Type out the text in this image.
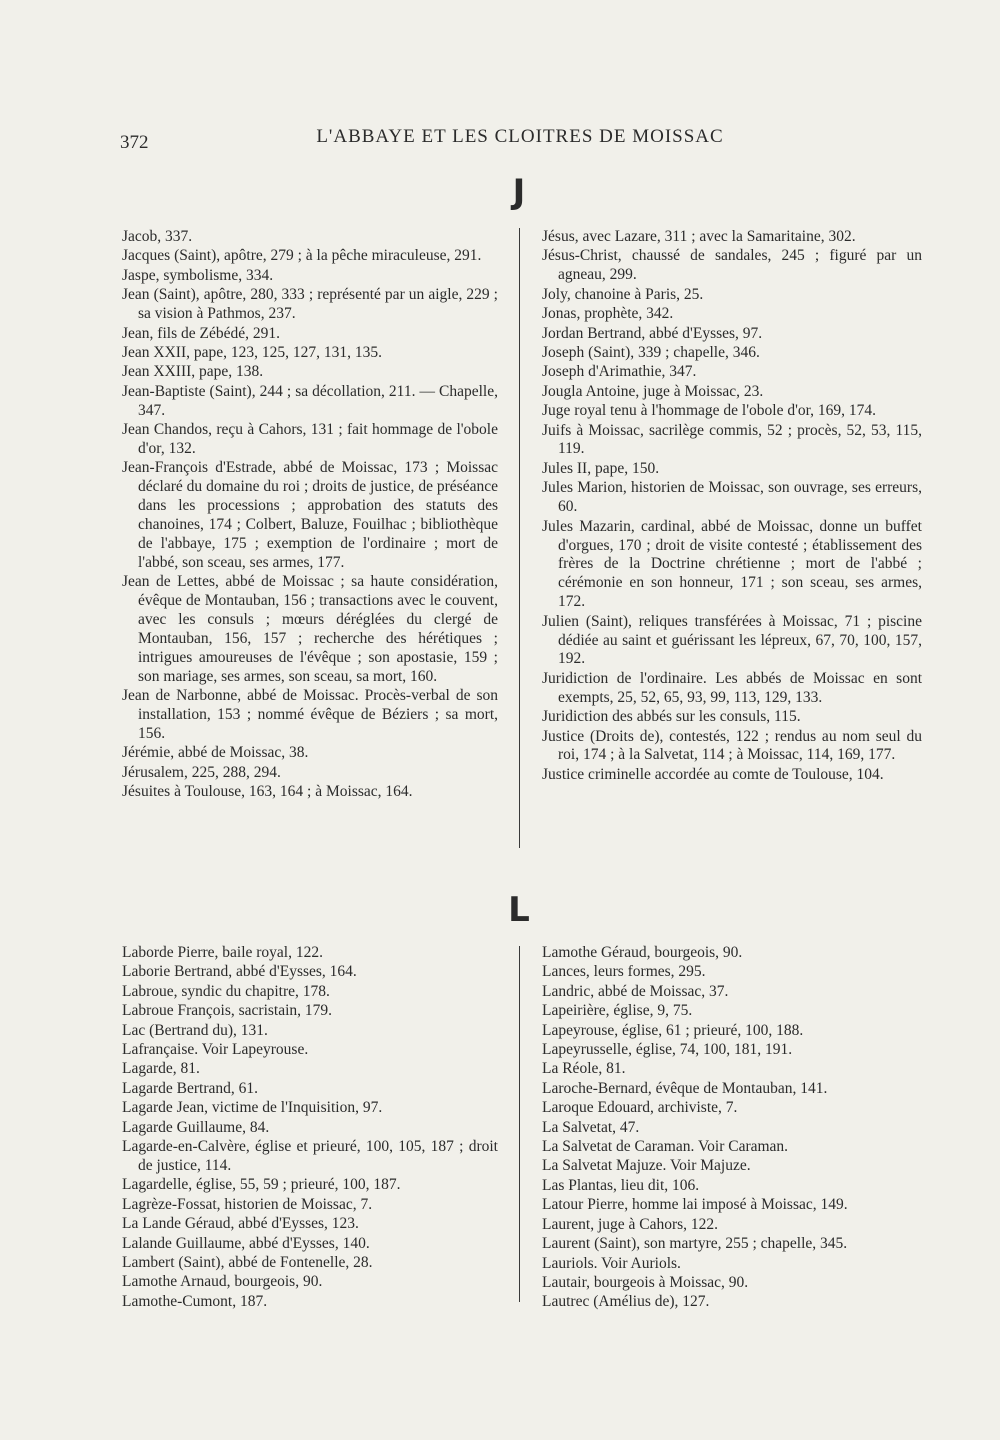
372	L'ABBAYE ET LES CLOITRES DE MOISSAC
J

Jacob, 337.

Jacques (Saint), apôtre, 279 ; à la pêche miraculeuse, 291.

Jaspe, symbolisme, 334.

Jean (Saint), apôtre, 280, 333 ; représenté par un aigle, 229 ; sa vision à Pathmos, 237.

Jean, fils de Zébédé, 291.

Jean XXII, pape, 123, 125, 127, 131, 135.

Jean XXIII, pape, 138.

Jean-Baptiste (Saint), 244 ; sa décollation, 211. — Chapelle, 347.

Jean Chandos, reçu à Cahors, 131 ; fait hommage de l'obole d'or, 132.

Jean-François d'Estrade, abbé de Moissac, 173 ; Moissac déclaré du domaine du roi ; droits de justice, de préséance dans les processions ; approbation des statuts des chanoines, 174 ; Colbert, Baluze, Fouilhac ; bibliothèque de l'abbaye, 175 ; exemption de l'ordinaire ; mort de l'abbé, son sceau, ses armes, 177.

Jean de Lettes, abbé de Moissac ; sa haute considération, évêque de Montauban, 156 ; transactions avec le couvent, avec les consuls ; mœurs déréglées du clergé de Montauban, 156, 157 ; recherche des hérétiques ; intrigues amoureuses de l'évêque ; son apostasie, 159 ; son mariage, ses armes, son sceau, sa mort, 160.

Jean de Narbonne, abbé de Moissac. Procès-verbal de son installation, 153 ; nommé évêque de Béziers ; sa mort, 156.

Jérémie, abbé de Moissac, 38.

Jérusalem, 225, 288, 294.

Jésuites à Toulouse, 163, 164 ; à Moissac, 164.

Jésus, avec Lazare, 311 ; avec la Samaritaine, 302.

Jésus-Christ, chaussé de sandales, 245 ; figuré par un agneau, 299.

Joly, chanoine à Paris, 25.

Jonas, prophète, 342.

Jordan Bertrand, abbé d'Eysses, 97.

Joseph (Saint), 339 ; chapelle, 346.

Joseph d'Arimathie, 347.

Jougla Antoine, juge à Moissac, 23.

Juge royal tenu à l'hommage de l'obole d'or, 169, 174.

Juifs à Moissac, sacrilège commis, 52 ; procès, 52, 53, 115, 119.

Jules II, pape, 150.

Jules Marion, historien de Moissac, son ouvrage, ses erreurs, 60.

Jules Mazarin, cardinal, abbé de Moissac, donne un buffet d'orgues, 170 ; droit de visite contesté ; établissement des frères de la Doctrine chrétienne ; mort de l'abbé ; cérémonie en son honneur, 171 ; son sceau, ses armes, 172.

Julien (Saint), reliques transférées à Moissac, 71 ; piscine dédiée au saint et guérissant les lépreux, 67, 70, 100, 157, 192.

Juridiction de l'ordinaire. Les abbés de Moissac en sont exempts, 25, 52, 65, 93, 99, 113, 129, 133.

Juridiction des abbés sur les consuls, 115.

Justice (Droits de), contestés, 122 ; rendus au nom seul du roi, 174 ; à la Salvetat, 114 ; à Moissac, 114, 169, 177.

Justice criminelle accordée au comte de Toulouse, 104.

L

Laborde Pierre, baile royal, 122.

Laborie Bertrand, abbé d'Eysses, 164.

Labroue, syndic du chapitre, 178.

Labroue François, sacristain, 179.

Lac (Bertrand du), 131.

Lafrançaise. Voir Lapeyrouse.

Lagarde, 81.

Lagarde Bertrand, 61.

Lagarde Jean, victime de l'Inquisition, 97.

Lagarde Guillaume, 84.

Lagarde-en-Calvère, église et prieuré, 100, 105, 187 ; droit de justice, 114.

Lagardelle, église, 55, 59 ; prieuré, 100, 187.

Lagrèze-Fossat, historien de Moissac, 7.

La Lande Géraud, abbé d'Eysses, 123.

Lalande Guillaume, abbé d'Eysses, 140.

Lambert (Saint), abbé de Fontenelle, 28.

Lamothe Arnaud, bourgeois, 90.

Lamothe-Cumont, 187.

Lamothe Géraud, bourgeois, 90.

Lances, leurs formes, 295.

Landric, abbé de Moissac, 37.

Lapeirière, église, 9, 75.

Lapeyrouse, église, 61 ; prieuré, 100, 188.

Lapeyrusselle, église, 74, 100, 181, 191.

La Réole, 81.

Laroche-Bernard, évêque de Montauban, 141.

Laroque Edouard, archiviste, 7.

La Salvetat, 47.

La Salvetat de Caraman. Voir Caraman.

La Salvetat Majuze. Voir Majuze.

Las Plantas, lieu dit, 106.

Latour Pierre, homme lai imposé à Moissac, 149.

Laurent, juge à Cahors, 122.

Laurent (Saint), son martyre, 255 ; chapelle, 345.

Lauriols. Voir Auriols.

Lautair, bourgeois à Moissac, 90.

Lautrec (Amélius de), 127.
